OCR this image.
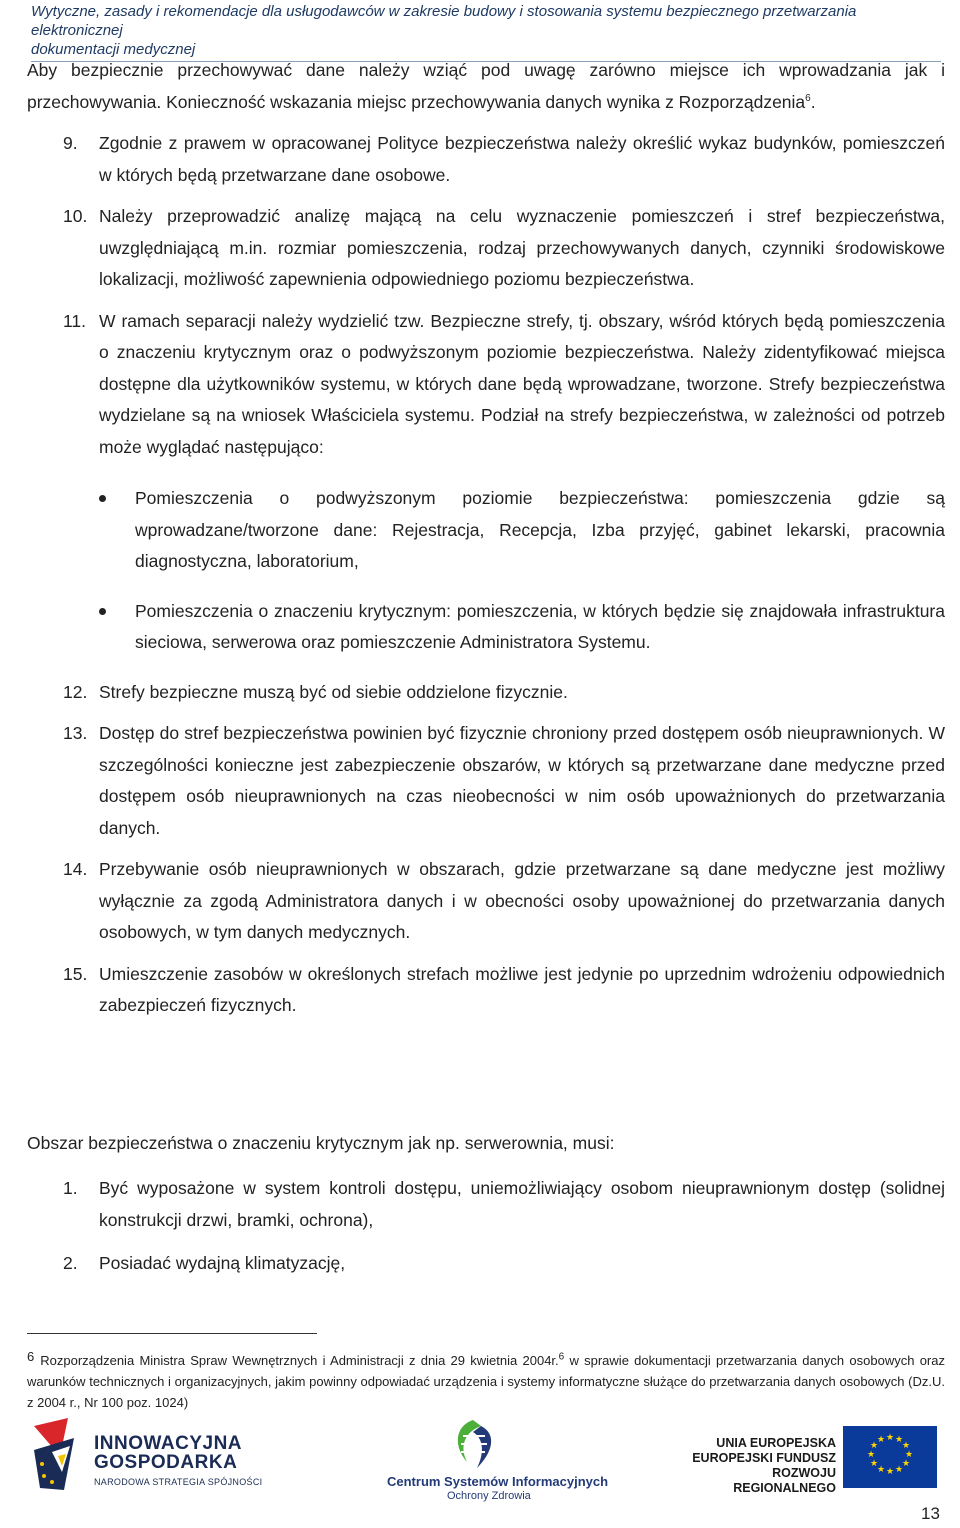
Wytyczne, zasady i rekomendacje dla usługodawców w zakresie budowy i stosowania systemu bezpiecznego przetwarzania elektronicznej
dokumentacji medycznej
Aby bezpiecznie przechowywać dane należy wziąć pod uwagę zarówno miejsce ich wprowadzania jak i przechowywania. Konieczność wskazania miejsc przechowywania danych wynika z Rozporządzenia$^6$.
9. Zgodnie z prawem w opracowanej Polityce bezpieczeństwa należy określić wykaz budynków, pomieszczeń w których będą przetwarzane dane osobowe.
10. Należy przeprowadzić analizę mającą na celu wyznaczenie pomieszczeń i stref bezpieczeństwa, uwzględniającą m.in. rozmiar pomieszczenia, rodzaj przechowywanych danych, czynniki środowiskowe lokalizacji, możliwość zapewnienia odpowiedniego poziomu bezpieczeństwa.
11. W ramach separacji należy wydzielić tzw. Bezpieczne strefy, tj. obszary, wśród których będą pomieszczenia o znaczeniu krytycznym oraz o podwyższonym poziomie bezpieczeństwa. Należy zidentyfikować miejsca dostępne dla użytkowników systemu, w których dane będą wprowadzane, tworzone. Strefy bezpieczeństwa wydzielane są na wniosek Właściciela systemu. Podział na strefy bezpieczeństwa, w zależności od potrzeb może wyglądać następująco:
Pomieszczenia o podwyższonym poziomie bezpieczeństwa: pomieszczenia gdzie są wprowadzane/tworzone dane: Rejestracja, Recepcja, Izba przyjęć, gabinet lekarski, pracownia diagnostyczna, laboratorium,
Pomieszczenia o znaczeniu krytycznym: pomieszczenia, w których będzie się znajdowała infrastruktura sieciowa, serwerowa oraz pomieszczenie Administratora Systemu.
12. Strefy bezpieczne muszą być od siebie oddzielone fizycznie.
13. Dostęp do stref bezpieczeństwa powinien być fizycznie chroniony przed dostępem osób nieuprawnionych. W szczególności konieczne jest zabezpieczenie obszarów, w których są przetwarzane dane medyczne przed dostępem osób nieuprawnionych na czas nieobecności w nim osób upoważnionych do przetwarzania danych.
14. Przebywanie osób nieuprawnionych w obszarach, gdzie przetwarzane są dane medyczne jest możliwy wyłącznie za zgodą Administratora danych i w obecności osoby upoważnionej do przetwarzania danych osobowych, w tym danych medycznych.
15. Umieszczenie zasobów w określonych strefach możliwe jest jedynie po uprzednim wdrożeniu odpowiednich zabezpieczeń fizycznych.
Obszar bezpieczeństwa o znaczeniu krytycznym jak np. serwerownia, musi:
1. Być wyposażone w system kontroli dostępu, uniemożliwiający osobom nieuprawnionym dostęp (solidnej konstrukcji drzwi, bramki, ochrona),
2. Posiadać wydajną klimatyzację,
6 Rozporządzenia Ministra Spraw Wewnętrznych i Administracji z dnia 29 kwietnia 2004r.$^6$ w sprawie dokumentacji przetwarzania danych osobowych oraz warunków technicznych i organizacyjnych, jakim powinny odpowiadać urządzenia i systemy informatyczne służące do przetwarzania danych osobowych (Dz.U. z 2004 r., Nr 100 poz. 1024)
INNOWACYJNA
GOSPODARKA
NARODOWA STRATEGIA SPÓJNOŚCI	Centrum Systemów Informacyjnych
Ochrony Zdrowia
UNIA EUROPEJSKA
EUROPEJSKI FUNDUSZ
ROZWOJU REGIONALNEGO
★ ★
★
★
★
★
★
★
★
★
★
★
13
